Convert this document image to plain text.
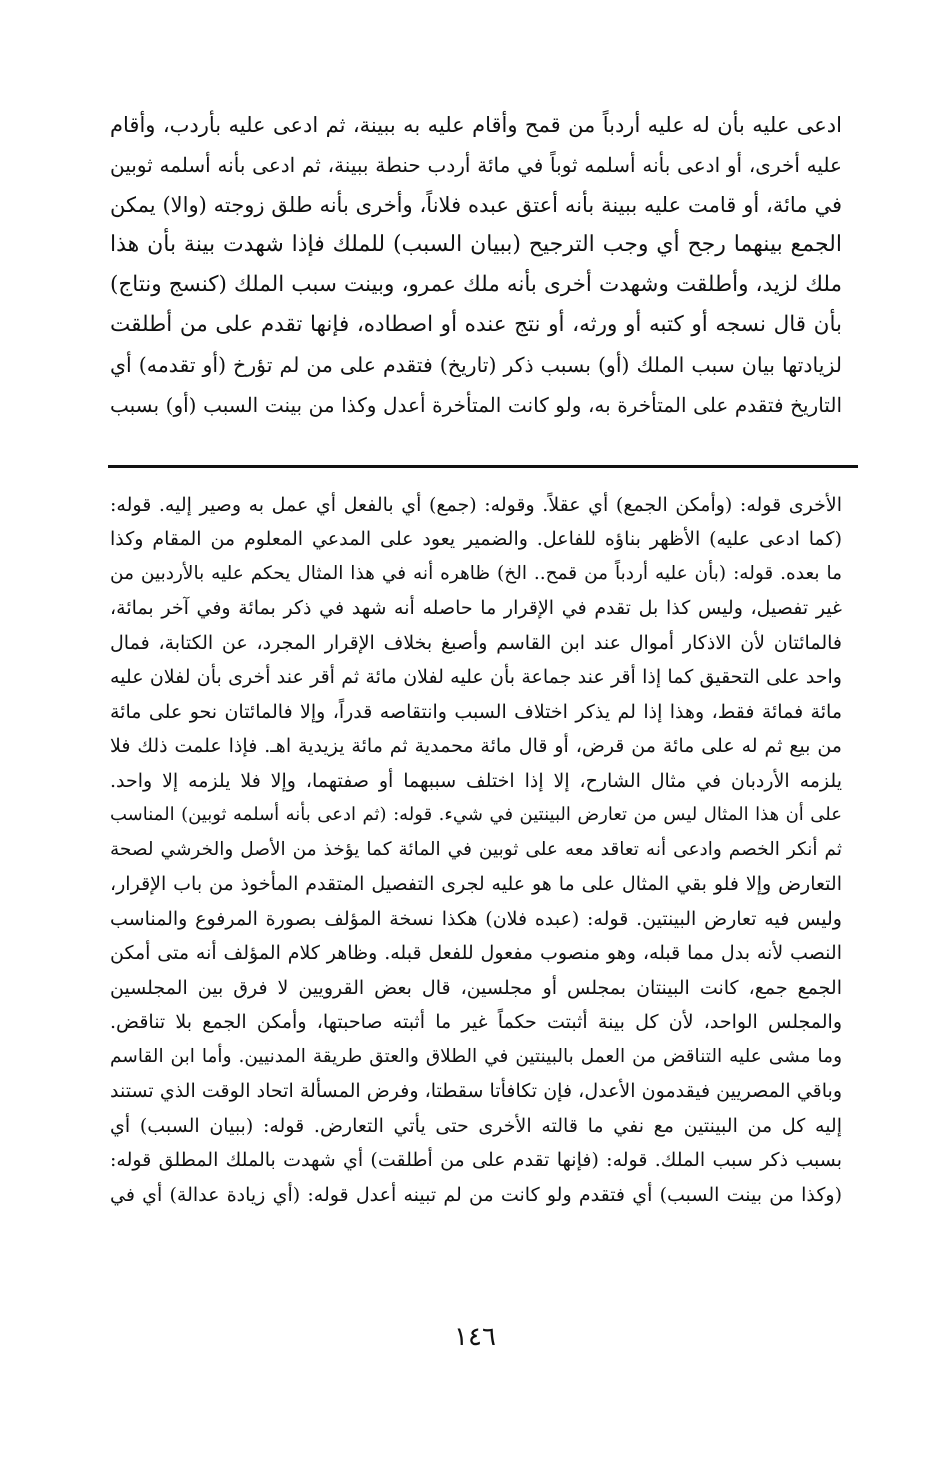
ادعى عليه بأن له عليه أردباً من قمح وأقام عليه به ببينة، ثم ادعى عليه بأردب، وأقام

عليه أخرى، أو ادعى بأنه أسلمه ثوباً في مائة أردب حنطة ببينة، ثم ادعى بأنه أسلمه ثوبين

في مائة، أو قامت عليه ببينة بأنه أعتق عبده فلاناً، وأخرى بأنه طلق زوجته (والا) يمكن

الجمع بينهما رجح أي وجب الترجيح (ببيان السبب) للملك فإذا شهدت بينة بأن هذا

ملك لزيد، وأطلقت وشهدت أخرى بأنه ملك عمرو، وبينت سبب الملك (كنسج ونتاج)

بأن قال نسجه أو كتبه أو ورثه، أو نتج عنده أو اصطاده، فإنها تقدم على من أطلقت

لزيادتها بيان سبب الملك (أو) بسبب ذكر (تاريخ) فتقدم على من لم تؤرخ (أو تقدمه) أي

التاريخ فتقدم على المتأخرة به، ولو كانت المتأخرة أعدل وكذا من بينت السبب (أو) بسبب

الأخرى قوله: (وأمكن الجمع) أي عقلاً. وقوله: (جمع) أي بالفعل أي عمل به وصير إليه. قوله:

(كما ادعى عليه) الأظهر بناؤه للفاعل. والضمير يعود على المدعي المعلوم من المقام وكذا

ما بعده. قوله: (بأن عليه أردباً من قمح.. الخ) ظاهره أنه في هذا المثال يحكم عليه بالأردبين من

غير تفصيل، وليس كذا بل تقدم في الإقرار ما حاصله أنه شهد في ذكر بمائة وفي آخر بمائة،

فالمائتان لأن الاذكار أموال عند ابن القاسم وأصبغ بخلاف الإقرار المجرد، عن الكتابة، فمال

واحد على التحقيق كما إذا أقر عند جماعة بأن عليه لفلان مائة ثم أقر عند أخرى بأن لفلان عليه

مائة فمائة فقط، وهذا إذا لم يذكر اختلاف السبب وانتقاصه قدراً، وإلا فالمائتان نحو على مائة

من بيع ثم له على مائة من قرض، أو قال مائة محمدية ثم مائة يزيدية اهـ. فإذا علمت ذلك فلا

يلزمه الأردبان في مثال الشارح، إلا إذا اختلف سببهما أو صفتهما، وإلا فلا يلزمه إلا واحد.

على أن هذا المثال ليس من تعارض البينتين في شيء. قوله: (ثم ادعى بأنه أسلمه ثوبين) المناسب

ثم أنكر الخصم وادعى أنه تعاقد معه على ثوبين في المائة كما يؤخذ من الأصل والخرشي لصحة

التعارض وإلا فلو بقي المثال على ما هو عليه لجرى التفصيل المتقدم المأخوذ من باب الإقرار،

وليس فيه تعارض البينتين. قوله: (عبده فلان) هكذا نسخة المؤلف بصورة المرفوع والمناسب

النصب لأنه بدل مما قبله، وهو منصوب مفعول للفعل قبله. وظاهر كلام المؤلف أنه متى أمكن

الجمع جمع، كانت البينتان بمجلس أو مجلسين، قال بعض القرويين لا فرق بين المجلسين

والمجلس الواحد، لأن كل بينة أثبتت حكماً غير ما أثبته صاحبتها، وأمكن الجمع بلا تناقض.

وما مشى عليه التناقض من العمل بالبينتين في الطلاق والعتق طريقة المدنيين. وأما ابن القاسم

وباقي المصريين فيقدمون الأعدل، فإن تكافأتا سقطتا، وفرض المسألة اتحاد الوقت الذي تستند

إليه كل من البينتين مع نفي ما قالته الأخرى حتى يأتي التعارض. قوله: (ببيان السبب) أي

بسبب ذكر سبب الملك. قوله: (فإنها تقدم على من أطلقت) أي شهدت بالملك المطلق قوله:

(وكذا من بينت السبب) أي فتقدم ولو كانت من لم تبينه أعدل قوله: (أي زيادة عدالة) أي في

١٤٦
